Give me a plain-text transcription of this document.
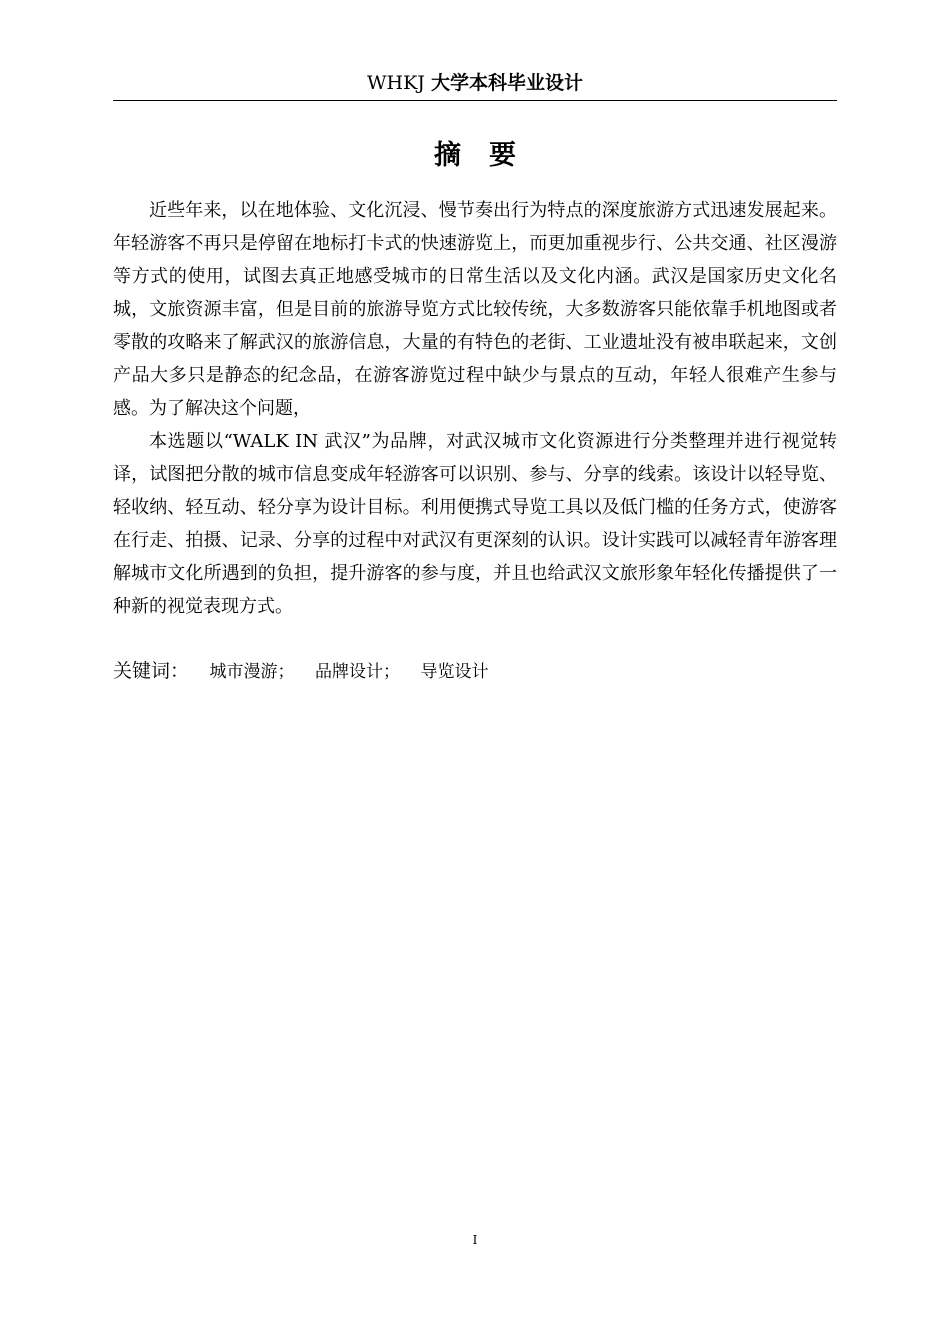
WHKJ 大学本科毕业设计
摘要

近些年来，以在地体验、文化沉浸、慢节奏出行为特点的深度旅游方式迅速发展起来。年轻游客不再只是停留在地标打卡式的快速游览上，而更加重视步行、公共交通、社区漫游等方式的使用，试图去真正地感受城市的日常生活以及文化内涵。武汉是国家历史文化名城，文旅资源丰富，但是目前的旅游导览方式比较传统，大多数游客只能依靠手机地图或者零散的攻略来了解武汉的旅游信息，大量的有特色的老街、工业遗址没有被串联起来，文创产品大多只是静态的纪念品，在游客游览过程中缺少与景点的互动，年轻人很难产生参与感。为了解决这个问题，

本选题以“WALK IN 武汉”为品牌，对武汉城市文化资源进行分类整理并进行视觉转译，试图把分散的城市信息变成年轻游客可以识别、参与、分享的线索。该设计以轻导览、轻收纳、轻互动、轻分享为设计目标。利用便携式导览工具以及低门槛的任务方式，使游客在行走、拍摄、记录、分享的过程中对武汉有更深刻的认识。设计实践可以减轻青年游客理解城市文化所遇到的负担，提升游客的参与度，并且也给武汉文旅形象年轻化传播提供了一种新的视觉表现方式。

关键词： 城市漫游； 品牌设计； 导览设计
I
